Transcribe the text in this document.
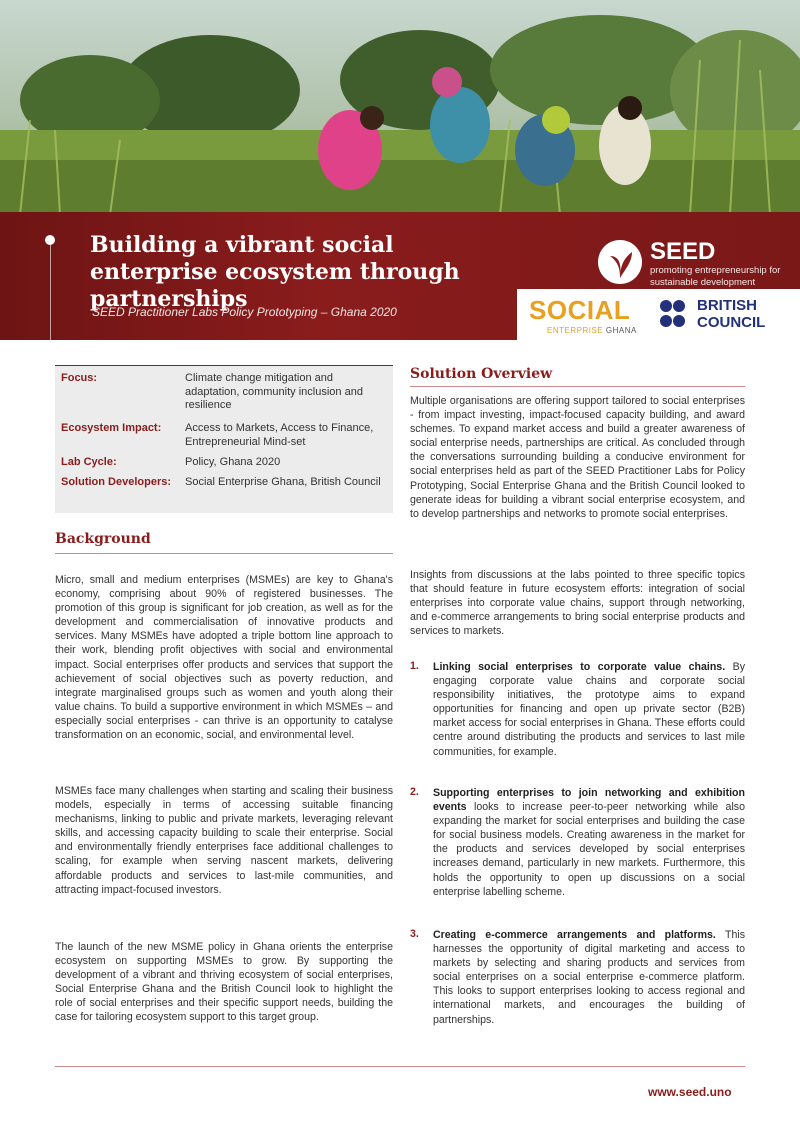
Building a vibrant social enterprise ecosystem through partnerships
SEED Practitioner Labs Policy Prototyping – Ghana 2020
SEED
promoting entrepreneurship for sustainable development
SOCIAL
ENTERPRISE GHANA
BRITISH
COUNCIL
Focus:	Climate change mitigation and adaptation, community inclusion and resilience
Ecosystem Impact: Access to Markets, Access to Finance, Entrepreneurial Mind-set
Lab Cycle:	Policy, Ghana 2020
Solution Developers: Social Enterprise Ghana, British Council
Background
Micro, small and medium enterprises (MSMEs) are key to Ghana's economy, comprising about 90% of registered businesses. The promotion of this group is significant for job creation, as well as for the development and commercialisation of innovative products and services. Many MSMEs have adopted a triple bottom line approach to their work, blending profit objectives with social and environmental impact. Social enterprises offer products and services that support the achievement of social objectives such as poverty reduction, and integrate marginalised groups such as women and youth along their value chains. To build a supportive environment in which MSMEs – and especially social enterprises - can thrive is an opportunity to catalyse transformation on an economic, social, and environmental level.
MSMEs face many challenges when starting and scaling their business models, especially in terms of accessing suitable financing mechanisms, linking to public and private markets, leveraging relevant skills, and accessing capacity building to scale their enterprise. Social and environmentally friendly enterprises face additional challenges to scaling, for example when serving nascent markets, delivering affordable products and services to last-mile communities, and attracting impact-focused investors.
The launch of the new MSME policy in Ghana orients the enterprise ecosystem on supporting MSMEs to grow. By supporting the development of a vibrant and thriving ecosystem of social enterprises, Social Enterprise Ghana and the British Council look to highlight the role of social enterprises and their specific support needs, building the case for tailoring ecosystem support to this target group.
Solution Overview
Multiple organisations are offering support tailored to social enterprises - from impact investing, impact-focused capacity building, and award schemes. To expand market access and build a greater awareness of social enterprise needs, partnerships are critical. As concluded through the conversations surrounding building a conducive environment for social enterprises held as part of the SEED Practitioner Labs for Policy Prototyping, Social Enterprise Ghana and the British Council looked to generate ideas for building a vibrant social enterprise ecosystem, and to develop partnerships and networks to promote social enterprises.
Insights from discussions at the labs pointed to three specific topics that should feature in future ecosystem efforts: integration of social enterprises into corporate value chains, support through networking, and e-commerce arrangements to bring social enterprise products and services to markets.
1. Linking social enterprises to corporate value chains. By engaging corporate value chains and corporate social responsibility initiatives, the prototype aims to expand opportunities for financing and open up private sector (B2B) market access for social enterprises in Ghana. These efforts could centre around distributing the products and services to last mile communities, for example.
2. Supporting enterprises to join networking and exhibition events looks to increase peer-to-peer networking while also expanding the market for social enterprises and building the case for social business models. Creating awareness in the market for the products and services developed by social enterprises increases demand, particularly in new markets. Furthermore, this holds the opportunity to open up discussions on a social enterprise labelling scheme.
3. Creating e-commerce arrangements and platforms. This harnesses the opportunity of digital marketing and access to markets by selecting and sharing products and services from social enterprises on a social enterprise e-commerce platform. This looks to support enterprises looking to access regional and international markets, and encourages the building of partnerships.
www.seed.uno
